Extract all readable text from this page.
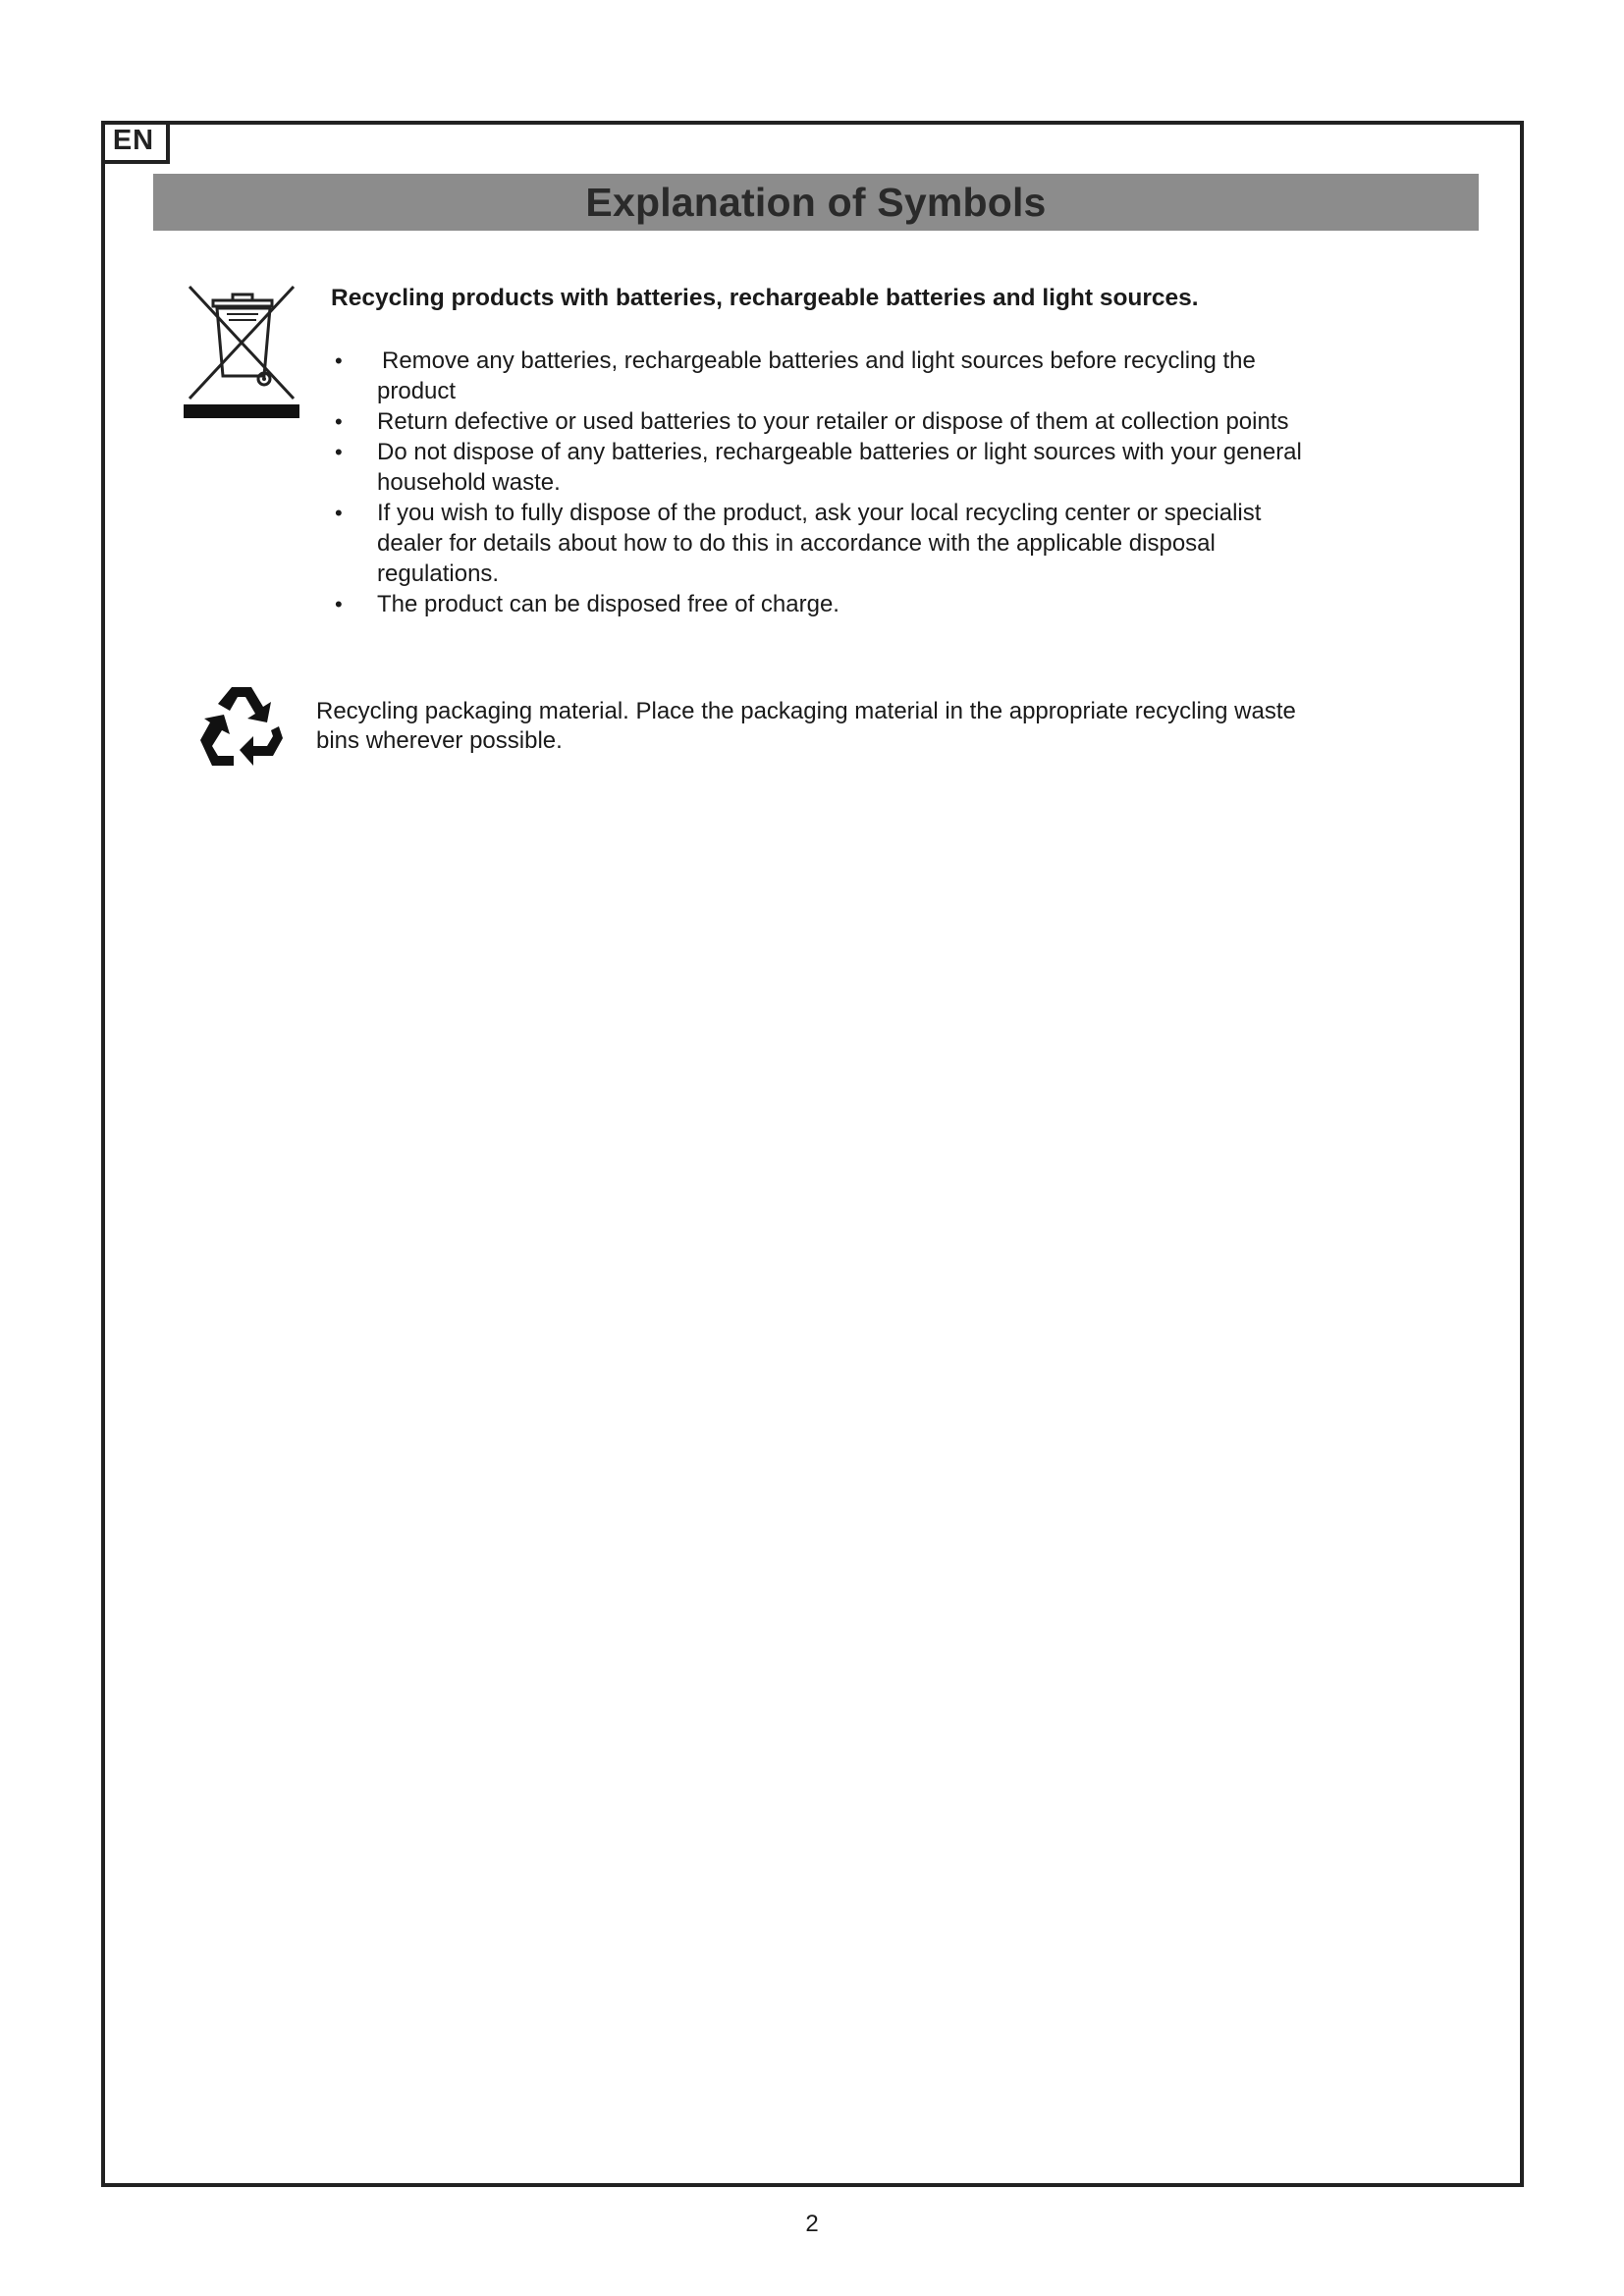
EN
Explanation of Symbols
Recycling products with batteries, rechargeable batteries and light sources.
• Remove any batteries, rechargeable batteries and light sources before recycling the product
• Return defective or used batteries to your retailer or dispose of them at collection points
• Do not dispose of any batteries, rechargeable batteries or light sources with your general household waste.
• If you wish to fully dispose of the product, ask your local recycling center or specialist dealer for details about how to do this in accordance with the applicable disposal regulations.
• The product can be disposed free of charge.

Recycling packaging material. Place the packaging material in the appropriate recycling waste bins wherever possible.

2
